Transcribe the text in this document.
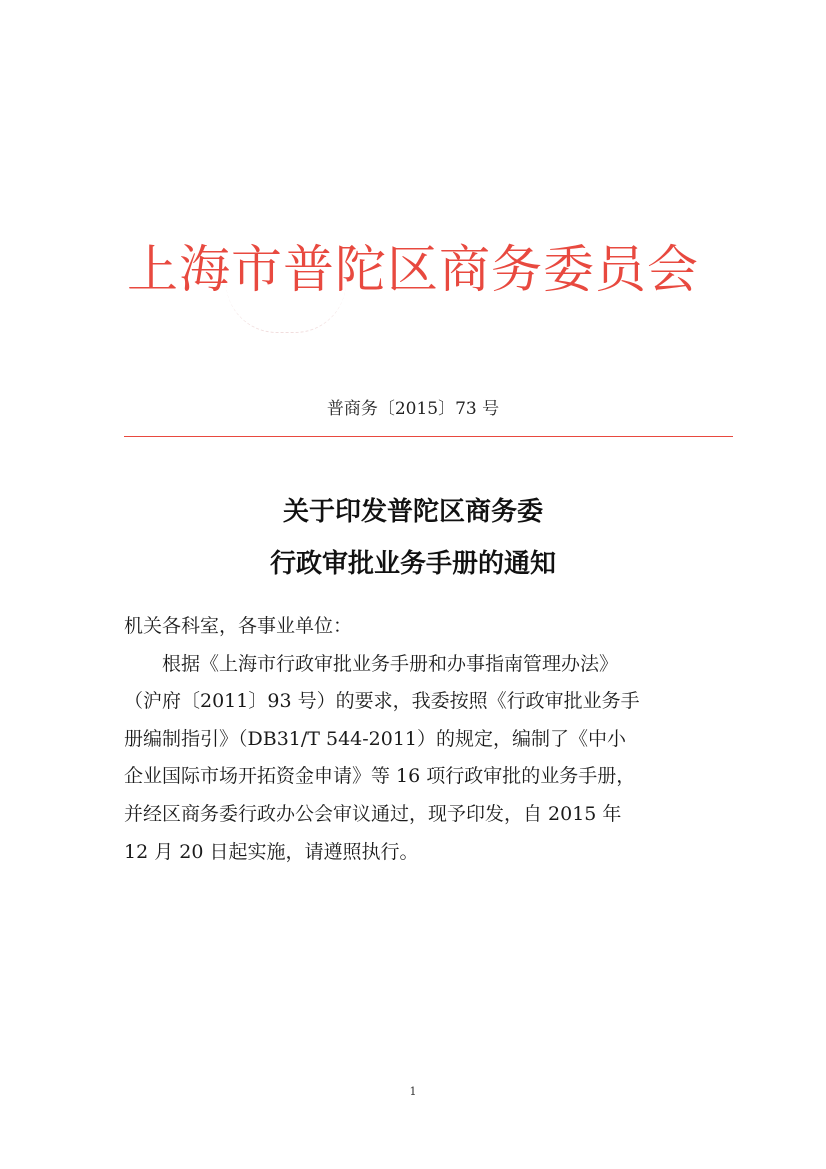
上海市普陀区商务委员会
普商务〔2015〕73 号
关于印发普陀区商务委
行政审批业务手册的通知
机关各科室，各事业单位：
　　根据《上海市行政审批业务手册和办事指南管理办法》
（沪府〔2011〕93 号）的要求，我委按照《行政审批业务手
册编制指引》（DB31/T 544-2011）的规定，编制了《中小
企业国际市场开拓资金申请》等 16 项行政审批的业务手册，
并经区商务委行政办公会审议通过，现予印发，自 2015 年
12 月 20 日起实施，请遵照执行。
1
